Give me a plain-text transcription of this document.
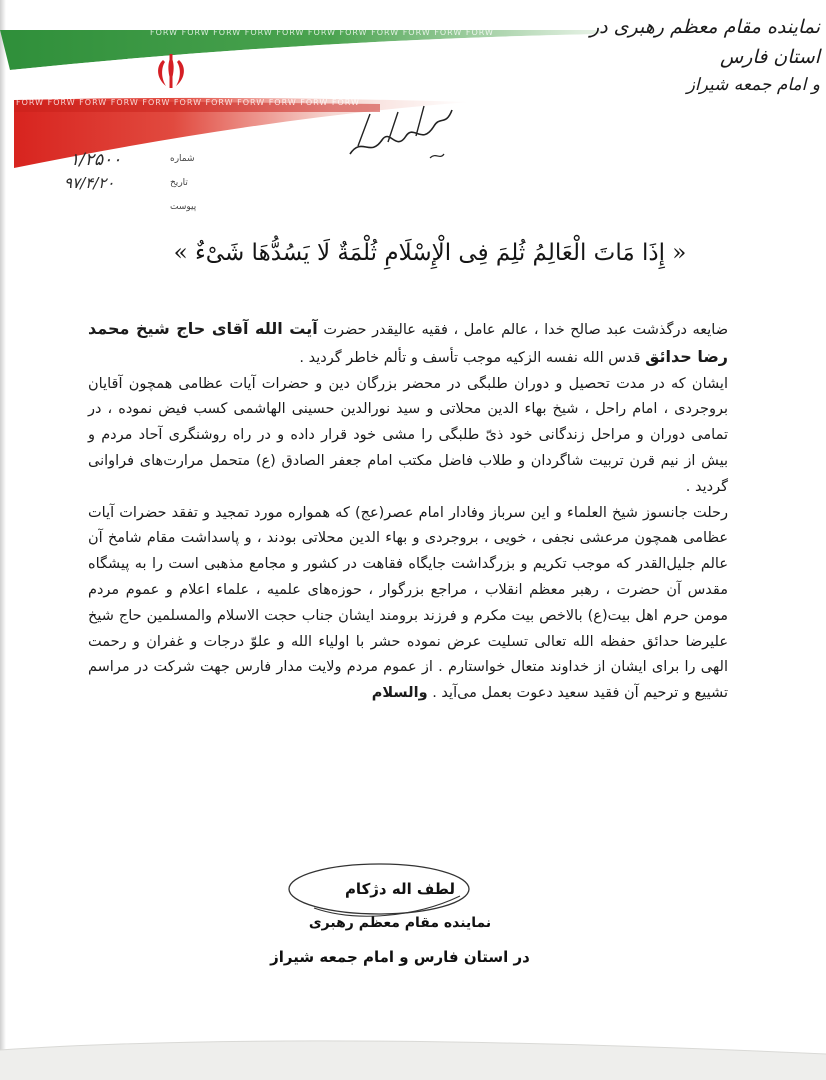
FORW FORW FORW FORW FORW FORW FORW FORW FORW FORW FORW
FORW FORW FORW FORW FORW FORW FORW FORW FORW FORW FORW	نماینده مقام معظم رهبری در استان فارس
و امام جمعه شیراز
بسم الله الرحمن الرحیم
۱/۲۵۰۰
۹۷/۴/۲۰
شماره
تاریخ
پیوست
« إِذَا مَاتَ الْعَالِمُ ثُلِمَ فِی الْإِسْلَامِ ثُلْمَةٌ لَا یَسُدُّهَا شَیْءٌ »

ضایعه درگذشت عبد صالح خدا ، عالم عامل ، فقیه عالیقدر حضرت آیت الله آقای حاج شیخ محمد رضا حدائق قدس الله نفسه الزکیه موجب تأسف و تألم خاطر گردید .

ایشان که در مدت تحصیل و دوران طلبگی در محضر بزرگان دین و حضرات آیات عظامی همچون آقایان بروجردی ، امام راحل ، شیخ بهاء الدین محلاتی و سید نورالدین حسینی الهاشمی کسب فیض نموده ، در تمامی دوران و مراحل زندگانی خود ذیّ طلبگی را مشی خود قرار داده و در راه روشنگری آحاد مردم و بیش از نیم قرن تربیت شاگردان و طلاب فاضل مکتب امام جعفر الصادق (ع) متحمل مرارت‌های فراوانی گردید .

رحلت جانسوز شیخ العلماء و این سرباز وفادار امام عصر(عج) که همواره مورد تمجید و تفقد حضرات آیات عظامی همچون مرعشی نجفی ، خویی ، بروجردی و بهاء الدین محلاتی بودند ، و پاسداشت مقام شامخ آن عالم جلیل‌القدر که موجب تکریم و بزرگداشت جایگاه فقاهت در کشور و مجامع مذهبی است را به پیشگاه مقدس آن حضرت ، رهبر معظم انقلاب ، مراجع بزرگوار ، حوزه‌های علمیه ، علماء اعلام و عموم مردم مومن حرم اهل بیت(ع) بالاخص بیت مکرم و فرزند برومند ایشان جناب حجت الاسلام والمسلمین حاج شیخ علیرضا حدائق حفظه الله تعالی تسلیت عرض نموده حشر با اولیاء الله و علوّ درجات و غفران و رحمت الهی را برای ایشان از خداوند متعال خواستارم . از عموم مردم ولایت مدار فارس جهت شرکت در مراسم تشییع و ترحیم آن فقید سعید دعوت بعمل می‌آید . والسلام

لطف اله دژکام
نماینده مقام معظم رهبری
در استان فارس و امام جمعه شیراز
